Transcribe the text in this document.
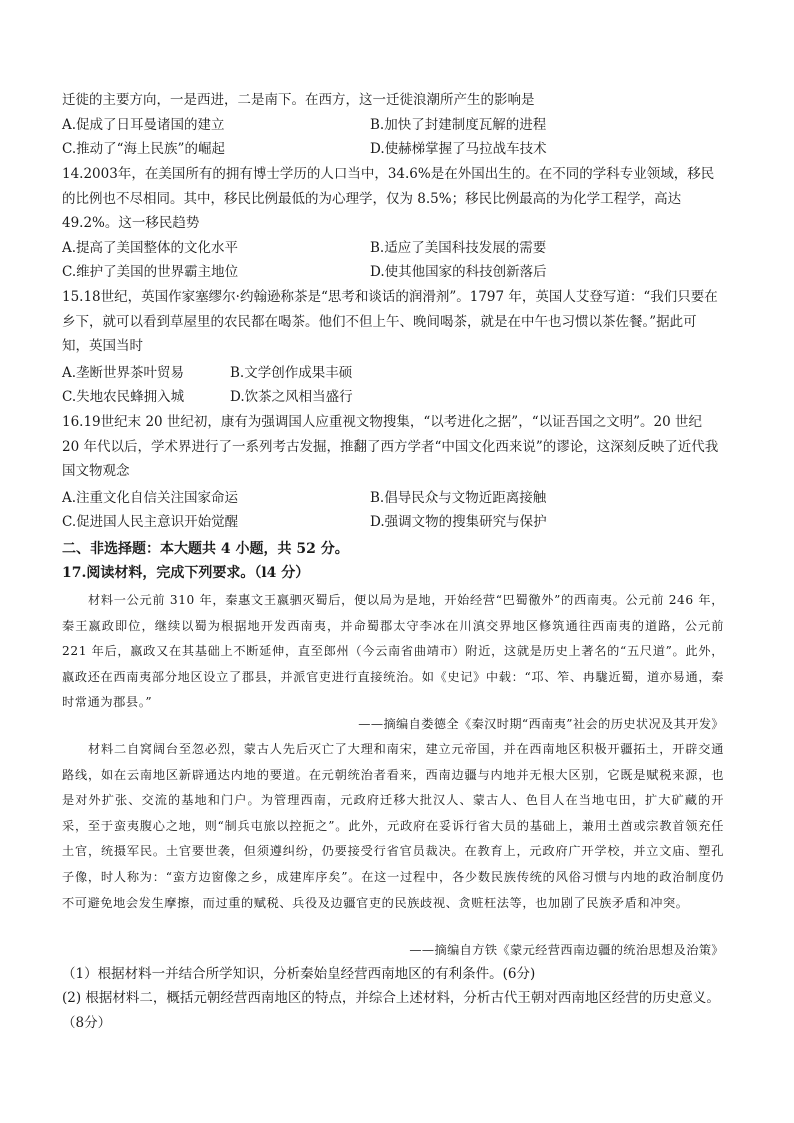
迁徙的主要方向，一是西进，二是南下。在西方，这一迁徙浪潮所产生的影响是
A.促成了日耳曼诸国的建立	B.加快了封建制度瓦解的进程
C.推动了“海上民族”的崛起	D.使赫梯掌握了马拉战车技术
14.2003年，在美国所有的拥有博士学历的人口当中，34.6%是在外国出生的。在不同的学科专业领域，移民的比例也不尽相同。其中，移民比例最低的为心理学，仅为 8.5%；移民比例最高的为化学工程学，高达 49.2%。这一移民趋势
A.提高了美国整体的文化水平	B.适应了美国科技发展的需要
C.维护了美国的世界霸主地位	D.使其他国家的科技创新落后
15.18世纪，英国作家塞缪尔·约翰逊称茶是“思考和谈话的润滑剂”。1797 年，英国人艾登写道：“我们只要在乡下，就可以看到草屋里的农民都在喝茶。他们不但上午、晚间喝茶，就是在中午也习惯以茶佐餐。”据此可知，英国当时
A.垄断世界茶叶贸易	B.文学创作成果丰硕
C.失地农民蜂拥入城	D.饮茶之风相当盛行
16.19世纪末 20 世纪初，康有为强调国人应重视文物搜集，“以考进化之据”，“以证吾国之文明”。20 世纪 20 年代以后，学术界进行了一系列考古发掘，推翻了西方学者“中国文化西来说”的谬论，这深刻反映了近代我国文物观念
A.注重文化自信关注国家命运	B.倡导民众与文物近距离接触
C.促进国人民主意识开始觉醒	D.强调文物的搜集研究与保护
二、非选择题：本大题共 4 小题，共 52 分。
17.阅读材料，完成下列要求。（l4 分）
材料一公元前 310 年，秦惠文王嬴驷灭蜀后，便以局为是地，开始经营“巴蜀徼外”的西南夷。公元前 246 年，秦王嬴政即位，继续以蜀为根据地开发西南夷，并命蜀郡太守李冰在川滇交界地区修筑通往西南夷的道路，公元前 221 年后，嬴政又在其基础上不断延伸，直至郎州（今云南省曲靖市）附近，这就是历史上著名的“五尺道”。此外，嬴政还在西南夷部分地区设立了郡县，并派官吏进行直接统治。如《史记》中载：“邛、笮、冉駹近蜀，道亦易通，秦时常通为郡县。”
——摘编自娄德全《秦汉时期“西南夷”社会的历史状况及其开发》
材料二自窝阔台至忽必烈，蒙古人先后灭亡了大理和南宋，建立元帝国，并在西南地区积极开疆拓土，开辟交通路线，如在云南地区新辟通达内地的要道。在元朝统治者看来，西南边疆与内地并无根大区别，它既是赋税来源，也是对外扩张、交流的基地和门户。为管理西南，元政府迁移大批汉人、蒙古人、色目人在当地屯田，扩大矿藏的开采，至于蛮夷腹心之地，则“制兵屯旅以控扼之”。此外，元政府在妥诉行省大员的基础上，兼用土酋或宗教首领充任土官，统摄军民。土官要世袭，但须遵纠纷，仍要接受行省官员裁决。在教育上，元政府广开学校，并立文庙、塑孔子像，时人称为：“蛮方边窗像之乡，成建库序矣”。在这一过程中，各少数民族传统的风俗习惯与内地的政治制度仍不可避免地会发生摩擦，而过重的赋税、兵役及边疆官吏的民族歧视、贪赃枉法等，也加剧了民族矛盾和冲突。
——摘编自方铁《蒙元经营西南边疆的统治思想及治策》
（1）根据材料一并结合所学知识，分析秦始皇经营西南地区的有利条件。(6分)
(2) 根据材料二，概括元朝经营西南地区的特点，并综合上述材料，分析古代王朝对西南地区经营的历史意义。（8分）
